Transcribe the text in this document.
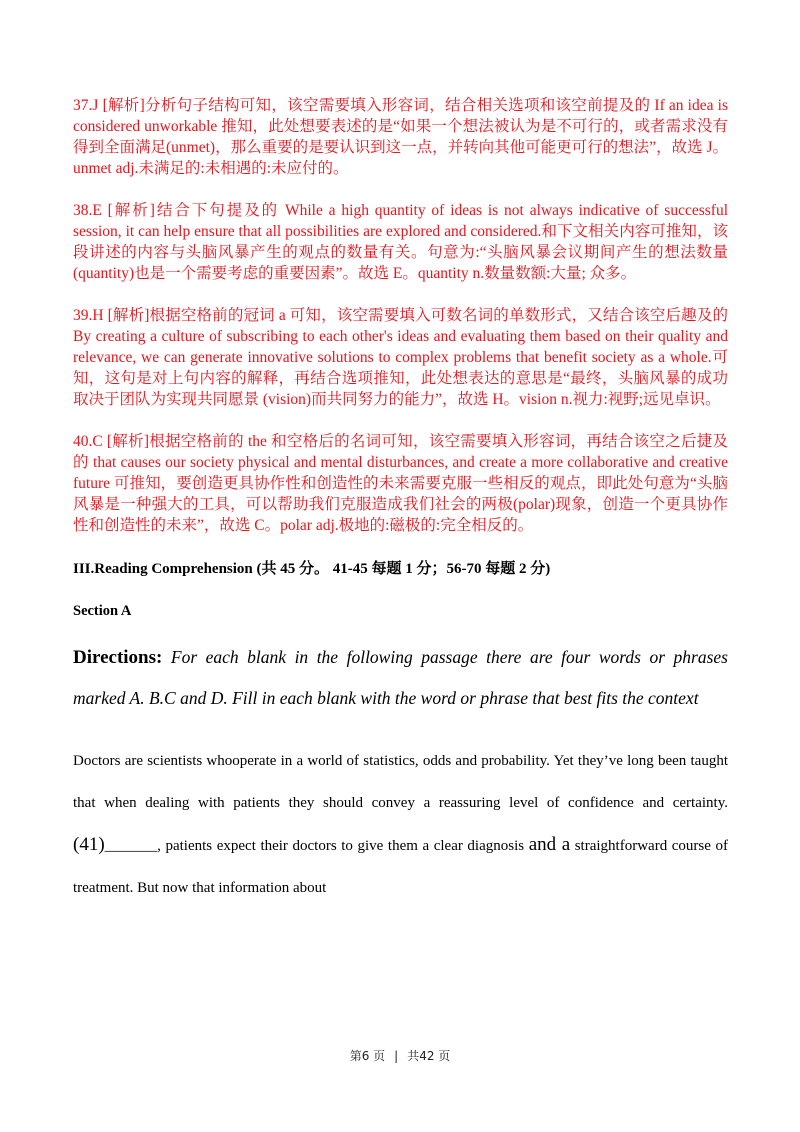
37.J [解析]分析句子结构可知，该空需要填入形容词，结合相关选项和该空前提及的 If an idea is considered unworkable 推知，此处想要表述的是“如果一个想法被认为是不可行的，或者需求没有得到全面满足(unmet)，那么重要的是要认识到这一点，并转向其他可能更可行的想法”，故选 J。unmet adj.未满足的:未相遇的:未应付的。

38.E [解析]结合下句提及的 While a high quantity of ideas is not always indicative of successful session, it can help ensure that all possibilities are explored and considered.和下文相关内容可推知，该段讲述的内容与头脑风暴产生的观点的数量有关。句意为:“头脑风暴会议期间产生的想法数量(quantity)也是一个需要考虑的重要因素”。故选 E。quantity n.数量数额:大量; 众多。

39.H [解析]根据空格前的冠词 a 可知，该空需要填入可数名词的单数形式，又结合该空后趣及的 By creating a culture of subscribing to each other's ideas and evaluating them based on their quality and relevance, we can generate innovative solutions to complex problems that benefit society as a whole.可知，这句是对上句内容的解释，再结合选项推知，此处想表达的意思是“最终，头脑风暴的成功取决于团队为实现共同愿景 (vision)而共同努力的能力”，故选 H。vision n.视力:视野;远见卓识。

40.C [解析]根据空格前的 the 和空格后的名词可知，该空需要填入形容词，再结合该空之后捷及的 that causes our society physical and mental disturbances, and create a more collaborative and creative future 可推知，要创造更具协作性和创造性的未来需要克服一些相反的观点，即此处句意为“头脑风暴是一种强大的工具，可以帮助我们克服造成我们社会的两极(polar)现象，创造一个更具协作性和创造性的未来”，故选 C。polar adj.极地的:磁极的:完全相反的。

III.Reading Comprehension (共 45 分。 41-45 每题 1 分；56-70 每题 2 分)
Section A

Directions: For each blank in the following passage there are four words or phrases marked A. B.C and D. Fill in each blank with the word or phrase that best fits the context

Doctors are scientists whooperate in a world of statistics, odds and probability. Yet they’ve long been taught that when dealing with patients they should convey a reassuring level of confidence and certainty. (41)_______, patients expect their doctors to give them a clear diagnosis and a straightforward course of treatment. But now that information about

第6 页 | 共42 页
